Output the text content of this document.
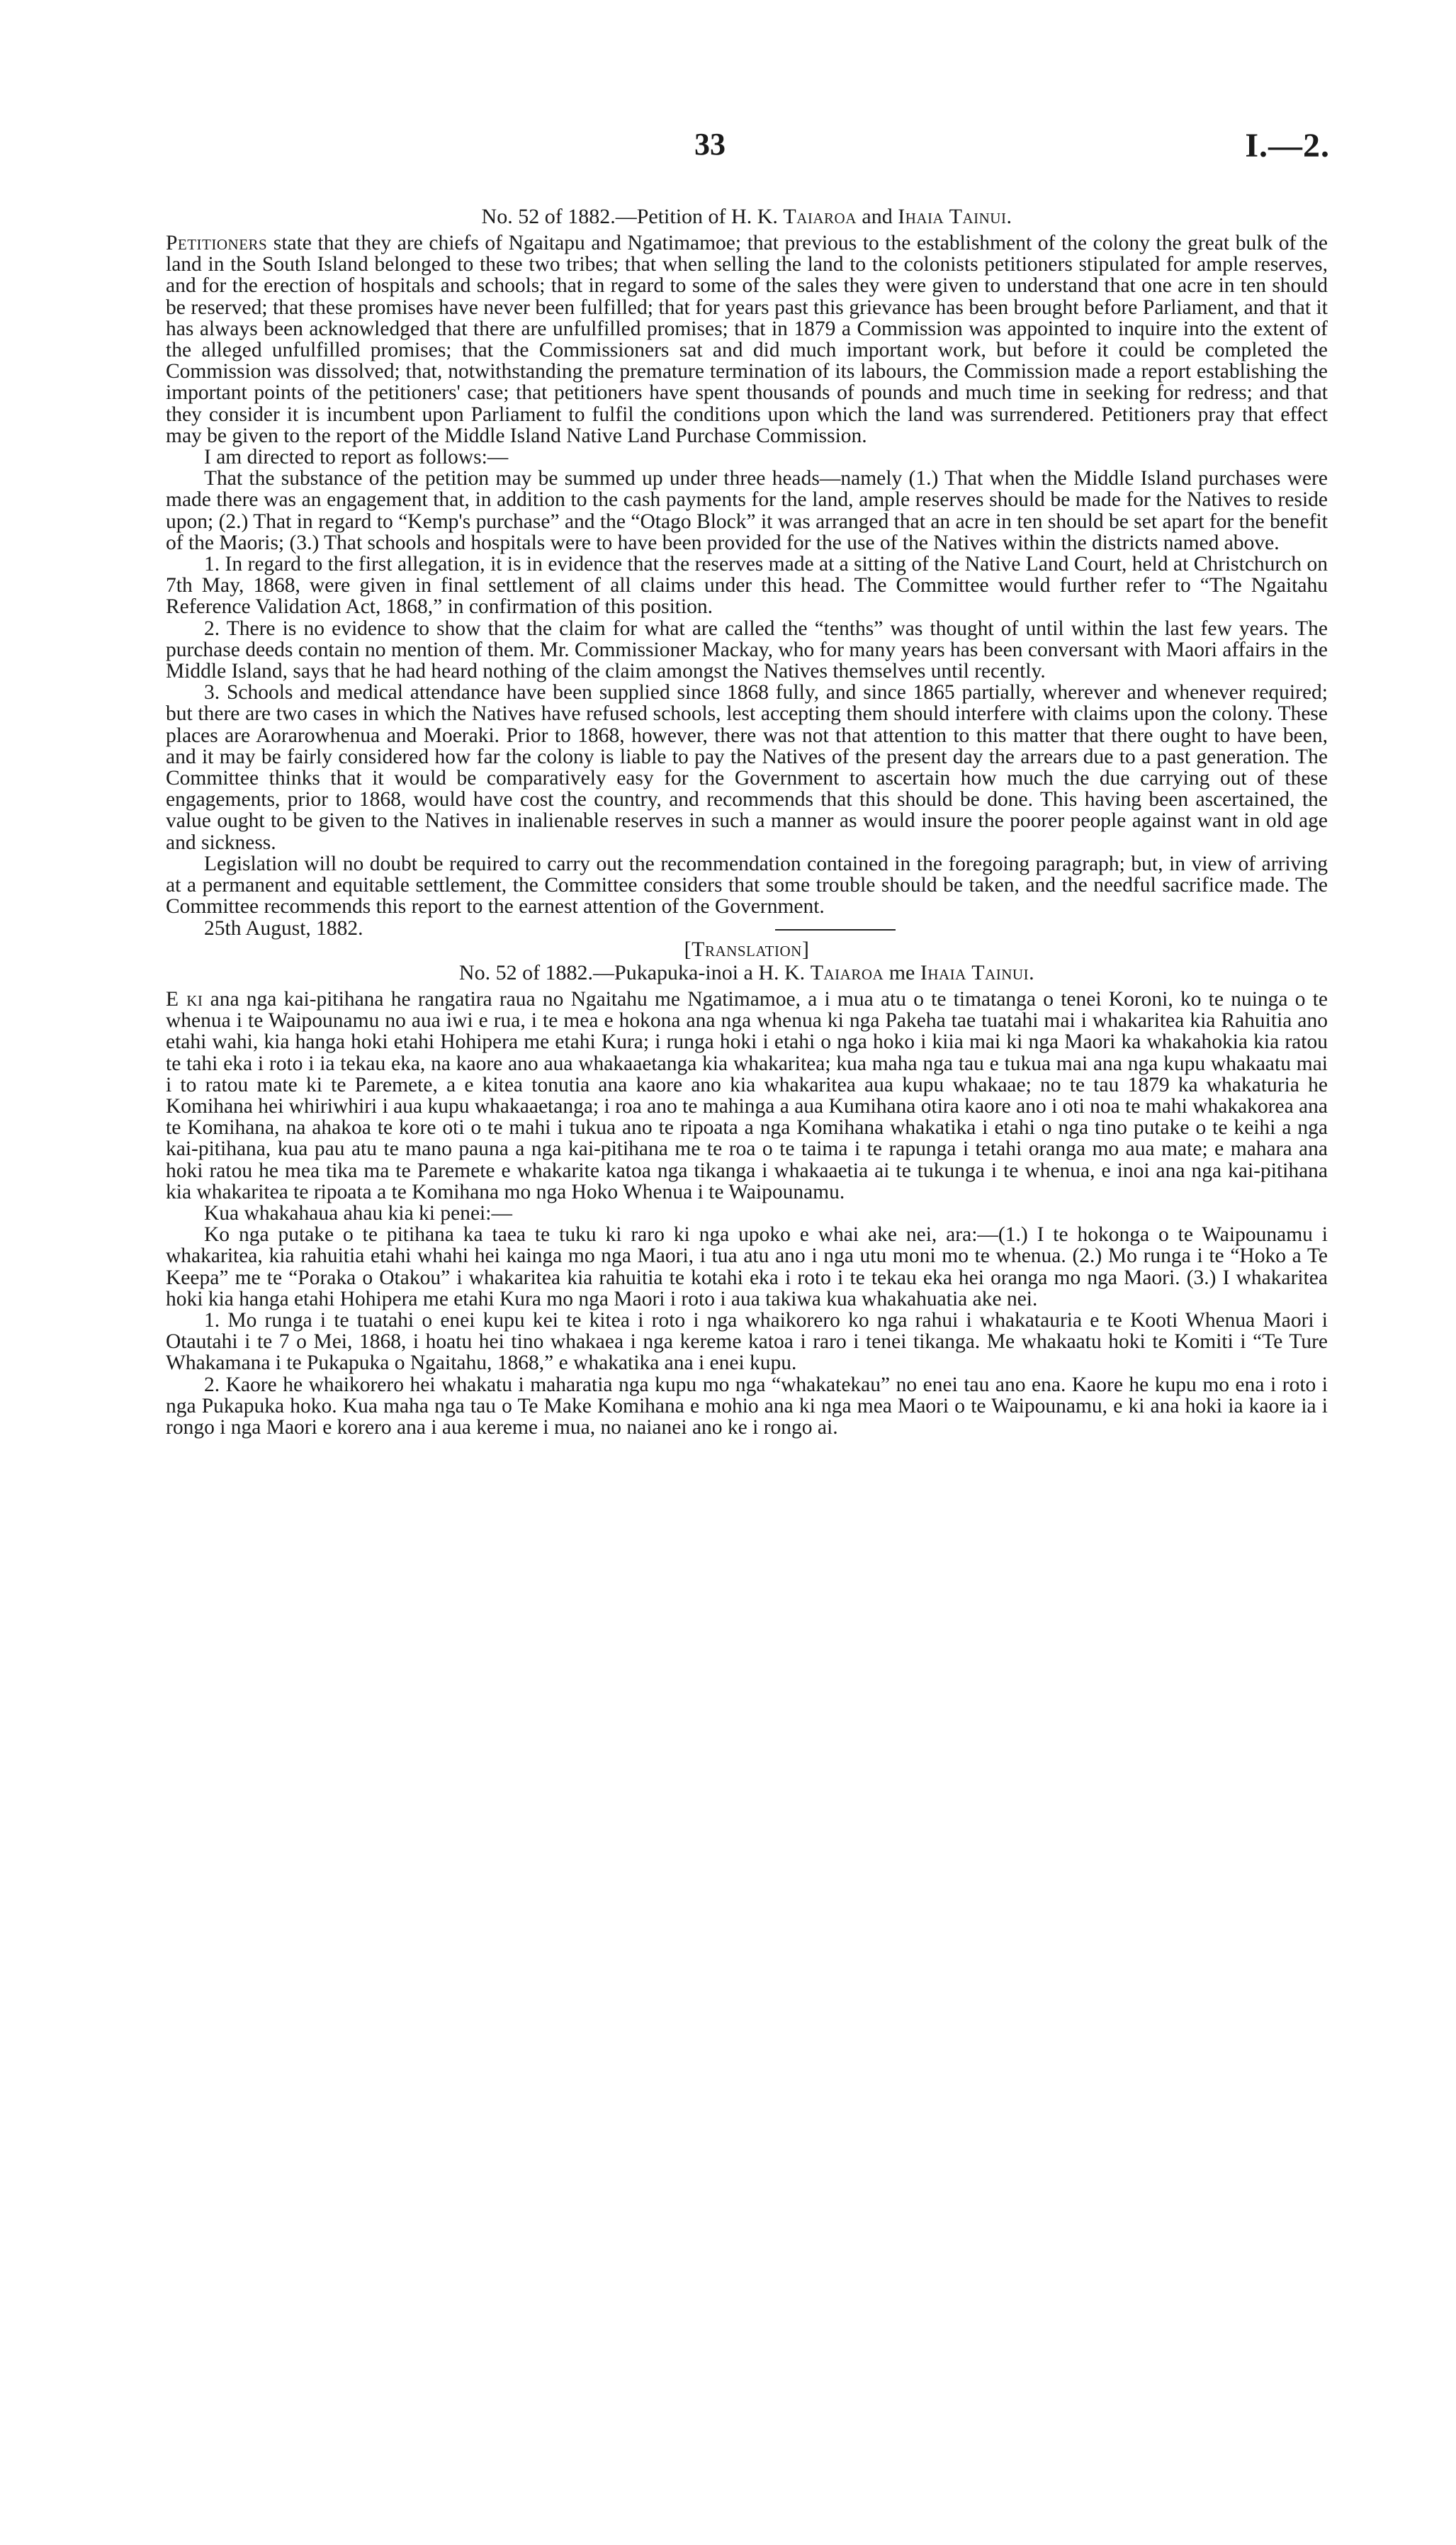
33	I.—2.
No. 52 of 1882.—Petition of H. K. Taiaroa and Ihaia Tainui.

Petitioners state that they are chiefs of Ngaitapu and Ngatimamoe; that previous to the establishment of the colony the great bulk of the land in the South Island belonged to these two tribes; that when selling the land to the colonists petitioners stipulated for ample reserves, and for the erection of hospitals and schools; that in regard to some of the sales they were given to understand that one acre in ten should be reserved; that these promises have never been fulfilled; that for years past this grievance has been brought before Parliament, and that it has always been acknowledged that there are unfulfilled promises; that in 1879 a Commission was appointed to inquire into the extent of the alleged unfulfilled promises; that the Commissioners sat and did much important work, but before it could be completed the Commission was dissolved; that, notwithstanding the premature termination of its labours, the Commission made a report establishing the important points of the petitioners' case; that petitioners have spent thousands of pounds and much time in seeking for redress; and that they consider it is incumbent upon Parliament to fulfil the conditions upon which the land was surrendered. Petitioners pray that effect may be given to the report of the Middle Island Native Land Purchase Commission.

I am directed to report as follows:—

That the substance of the petition may be summed up under three heads—namely (1.) That when the Middle Island purchases were made there was an engagement that, in addition to the cash payments for the land, ample reserves should be made for the Natives to reside upon; (2.) That in regard to “Kemp's purchase” and the “Otago Block” it was arranged that an acre in ten should be set apart for the benefit of the Maoris; (3.) That schools and hospitals were to have been provided for the use of the Natives within the districts named above.

1. In regard to the first allegation, it is in evidence that the reserves made at a sitting of the Native Land Court, held at Christchurch on 7th May, 1868, were given in final settlement of all claims under this head. The Committee would further refer to “The Ngaitahu Reference Validation Act, 1868,” in confirmation of this position.

2. There is no evidence to show that the claim for what are called the “tenths” was thought of until within the last few years. The purchase deeds contain no mention of them. Mr. Commissioner Mackay, who for many years has been conversant with Maori affairs in the Middle Island, says that he had heard nothing of the claim amongst the Natives themselves until recently.

3. Schools and medical attendance have been supplied since 1868 fully, and since 1865 partially, wherever and whenever required; but there are two cases in which the Natives have refused schools, lest accepting them should interfere with claims upon the colony. These places are Aorarowhenua and Moeraki. Prior to 1868, however, there was not that attention to this matter that there ought to have been, and it may be fairly considered how far the colony is liable to pay the Natives of the present day the arrears due to a past generation. The Committee thinks that it would be comparatively easy for the Government to ascertain how much the due carrying out of these engagements, prior to 1868, would have cost the country, and recommends that this should be done. This having been ascertained, the value ought to be given to the Natives in inalienable reserves in such a manner as would insure the poorer people against want in old age and sickness.

Legislation will no doubt be required to carry out the recommendation contained in the foregoing paragraph; but, in view of arriving at a permanent and equitable settlement, the Committee considers that some trouble should be taken, and the needful sacrifice made. The Committee recommends this report to the earnest attention of the Government.

25th August, 1882.

[Translation]
No. 52 of 1882.—Pukapuka-inoi a H. K. Taiaroa me Ihaia Tainui.

E ki ana nga kai-pitihana he rangatira raua no Ngaitahu me Ngatimamoe, a i mua atu o te timatanga o tenei Koroni, ko te nuinga o te whenua i te Waipounamu no aua iwi e rua, i te mea e hokona ana nga whenua ki nga Pakeha tae tuatahi mai i whakaritea kia Rahuitia ano etahi wahi, kia hanga hoki etahi Hohipera me etahi Kura; i runga hoki i etahi o nga hoko i kiia mai ki nga Maori ka whakahokia kia ratou te tahi eka i roto i ia tekau eka, na kaore ano aua whakaaetanga kia whakaritea; kua maha nga tau e tukua mai ana nga kupu whakaatu mai i to ratou mate ki te Paremete, a e kitea tonutia ana kaore ano kia whakaritea aua kupu whakaae; no te tau 1879 ka whakaturia he Komihana hei whiriwhiri i aua kupu whakaaetanga; i roa ano te mahinga a aua Kumihana otira kaore ano i oti noa te mahi whakakorea ana te Komihana, na ahakoa te kore oti o te mahi i tukua ano te ripoata a nga Komihana whakatika i etahi o nga tino putake o te keihi a nga kai-pitihana, kua pau atu te mano pauna a nga kai-pitihana me te roa o te taima i te rapunga i tetahi oranga mo aua mate; e mahara ana hoki ratou he mea tika ma te Paremete e whakarite katoa nga tikanga i whakaaetia ai te tukunga i te whenua, e inoi ana nga kai-pitihana kia whakaritea te ripoata a te Komihana mo nga Hoko Whenua i te Waipounamu.

Kua whakahaua ahau kia ki penei:—

Ko nga putake o te pitihana ka taea te tuku ki raro ki nga upoko e whai ake nei, ara:—(1.) I te hokonga o te Waipounamu i whakaritea, kia rahuitia etahi whahi hei kainga mo nga Maori, i tua atu ano i nga utu moni mo te whenua. (2.) Mo runga i te “Hoko a Te Keepa” me te “Poraka o Otakou” i whakaritea kia rahuitia te kotahi eka i roto i te tekau eka hei oranga mo nga Maori. (3.) I whakaritea hoki kia hanga etahi Hohipera me etahi Kura mo nga Maori i roto i aua takiwa kua whakahuatia ake nei.

1. Mo runga i te tuatahi o enei kupu kei te kitea i roto i nga whaikorero ko nga rahui i whakatauria e te Kooti Whenua Maori i Otautahi i te 7 o Mei, 1868, i hoatu hei tino whakaea i nga kereme katoa i raro i tenei tikanga. Me whakaatu hoki te Komiti i “Te Ture Whakamana i te Pukapuka o Ngaitahu, 1868,” e whakatika ana i enei kupu.

2. Kaore he whaikorero hei whakatu i maharatia nga kupu mo nga “whakatekau” no enei tau ano ena. Kaore he kupu mo ena i roto i nga Pukapuka hoko. Kua maha nga tau o Te Make Komihana e mohio ana ki nga mea Maori o te Waipounamu, e ki ana hoki ia kaore ia i rongo i nga Maori e korero ana i aua kereme i mua, no naianei ano ke i rongo ai.
